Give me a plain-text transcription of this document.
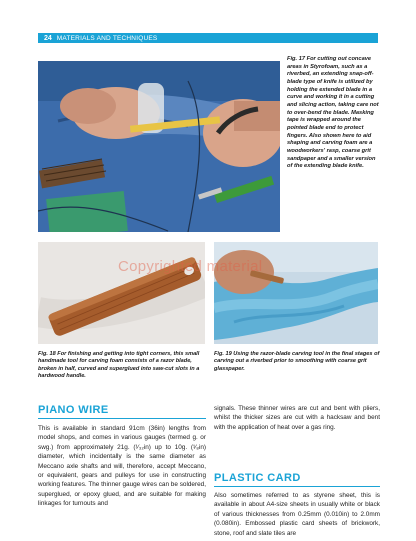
24 MATERIALS AND TECHNIQUES
Fig. 17 For cutting out concave areas in Styrofoam, such as a riverbed, an extending snap-off-blade type of knife is utilized by holding the extended blade in a curve and working it in a cutting and slicing action, taking care not to over-bend the blade. Masking tape is wrapped around the pointed blade end to protect fingers. Also shown here to aid shaping and carving foam are a woodworkers' rasp, coarse grit sandpaper and a smaller version of the extending blade knife.
Copyrighted material
Fig. 18 For finishing and getting into tight corners, this small handmade tool for carving foam consists of a razor blade, broken in half, curved and superglued into saw-cut slots in a hardwood handle.
Fig. 19 Using the razor-blade carving tool in the final stages of carving out a riverbed prior to smoothing with coarse grit glasspaper.
PIANO WIRE
This is available in standard 91cm (36in) lengths from model shops, and comes in various gauges (termed g. or swg.) from approximately 21g. (¹⁄₃₂in) up to 10g. (¹⁄₈in) diameter, which incidentally is the same diameter as Meccano axle shafts and will, therefore, accept Meccano, or equivalent, gears and pulleys for use in constructing working features. The thinner gauge wires can be soldered, superglued, or epoxy glued, and are suitable for making linkages for turnouts and
signals. These thinner wires are cut and bent with pliers, whilst the thicker sizes are cut with a hacksaw and bent with the application of heat over a gas ring.
PLASTIC CARD
Also sometimes referred to as styrene sheet, this is available in about A4-size sheets in usually white or black of various thicknesses from 0.25mm (0.010in) to 2.0mm (0.080in). Embossed plastic card sheets of brickwork, stone, roof and slate tiles are
